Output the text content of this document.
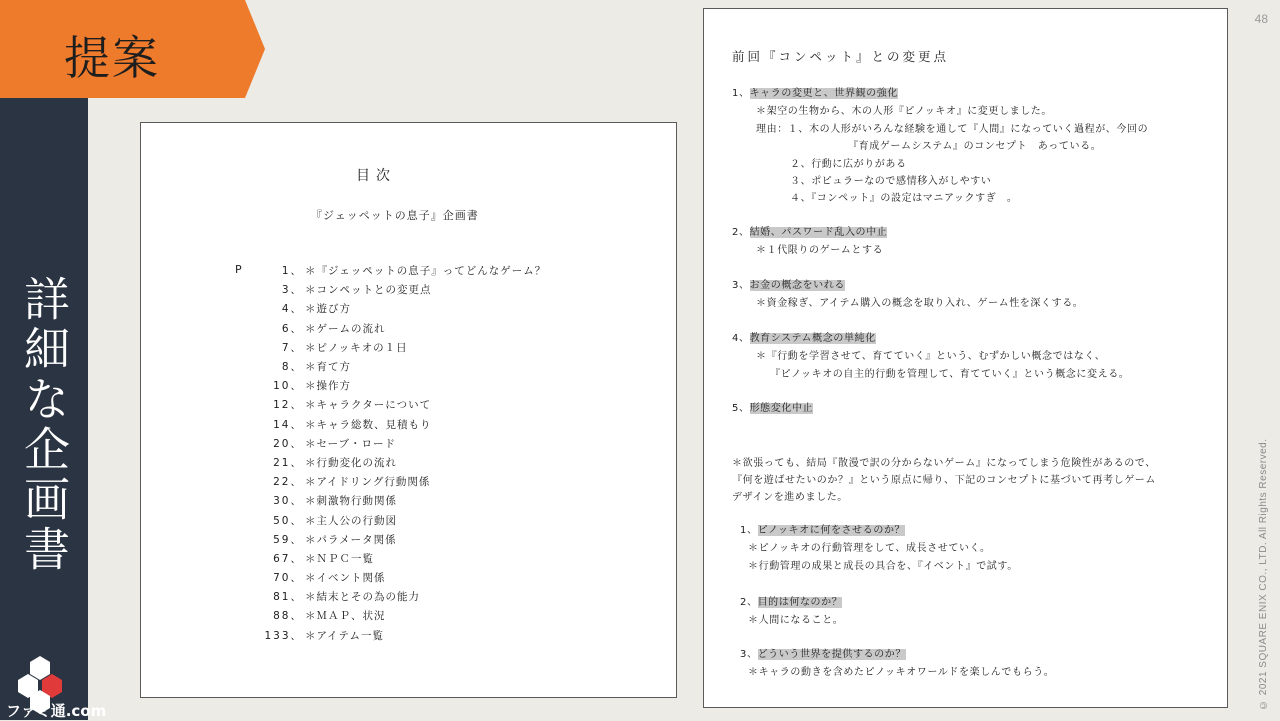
提案
詳細な企画書
ファミ通.com
48
© 2021 SQUARE ENIX CO., LTD. All Rights Reserved.
目次
『ジェッペットの息子』企画書
P	1、 ＊『ジェッペットの息子』ってどんなゲーム？
3、 ＊コンペットとの変更点
4、 ＊遊び方
6、 ＊ゲームの流れ
7、 ＊ピノッキオの１日
8、 ＊育て方
10、 ＊操作方
12、 ＊キャラクターについて
14、 ＊キャラ総数、見積もり
20、 ＊セーブ・ロード
21、 ＊行動変化の流れ
22、 ＊アイドリング行動関係
30、 ＊刺激物行動関係
50、 ＊主人公の行動図
59、 ＊パラメータ関係
67、 ＊ＮＰＣ一覧
70、 ＊イベント関係
81、 ＊結末とその為の能力
88、 ＊ＭＡＰ、状況
133、 ＊アイテム一覧
前回『コンペット』との変更点
1、キャラの変更と、世界観の強化
＊架空の生物から、木の人形『ピノッキオ』に変更しました。
理由：１、木の人形がいろんな経験を通して『人間』になっていく過程が、今回の
『育成ゲームシステム』のコンセプト　あっている。
２、行動に広がりがある
３、ポピュラーなので感情移入がしやすい
４、『コンペット』の設定はマニアックすぎ　。
2、結婚、パスワード乱入の中止
＊１代限りのゲームとする
3、お金の概念をいれる
＊資金稼ぎ、アイテム購入の概念を取り入れ、ゲーム性を深くする。
4、教育システム概念の単純化
＊『行動を学習させて、育てていく』という、むずかしい概念ではなく、
『ピノッキオの自主的行動を管理して、育てていく』という概念に変える。
5、形態変化中止
＊欲張っても、結局『散漫で訳の分からないゲーム』になってしまう危険性があるので、
『何を遊ばせたいのか？』という原点に帰り、下記のコンセプトに基づいて再考しゲーム
デザインを進めました。
1、ピノッキオに何をさせるのか？
＊ピノッキオの行動管理をして、成長させていく。
＊行動管理の成果と成長の具合を、『イベント』で試す。
2、目的は何なのか？
＊人間になること。
3、どういう世界を提供するのか？
＊キャラの動きを含めたピノッキオワールドを楽しんでもらう。
